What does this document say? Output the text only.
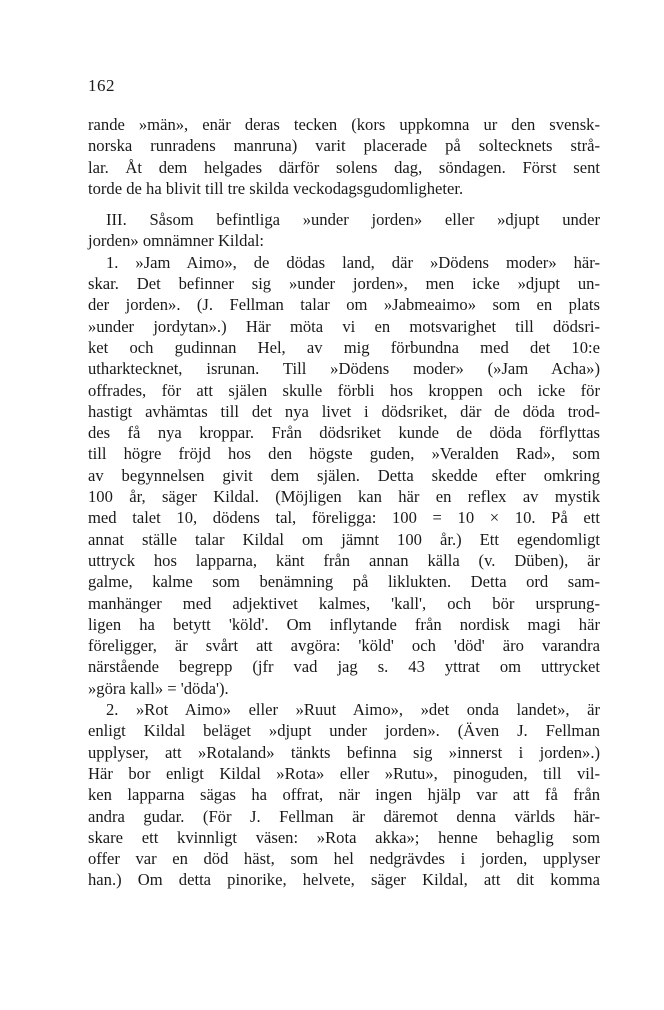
162
rande »män», enär deras tecken (kors uppkomna ur den svensk-
norska runradens manruna) varit placerade på soltecknets strå-
lar. Åt dem helgades därför solens dag, söndagen. Först sent
torde de ha blivit till tre skilda veckodagsgudomligheter.
III. Såsom befintliga »under jorden» eller »djupt under
jorden» omnämner Kildal:
1. »Jam Aimo», de dödas land, där »Dödens moder» här-
skar. Det befinner sig »under jorden», men icke »djupt un-
der jorden». (J. Fellman talar om »Jabmeaimo» som en plats
»under jordytan».) Här möta vi en motsvarighet till dödsri-
ket och gudinnan Hel, av mig förbundna med det 10:e
utharktecknet, isrunan. Till »Dödens moder» (»Jam Acha»)
offrades, för att själen skulle förbli hos kroppen och icke för
hastigt avhämtas till det nya livet i dödsriket, där de döda trod-
des få nya kroppar. Från dödsriket kunde de döda förflyttas
till högre fröjd hos den högste guden, »Veralden Rad», som
av begynnelsen givit dem själen. Detta skedde efter omkring
100 år, säger Kildal. (Möjligen kan här en reflex av mystik
med talet 10, dödens tal, föreligga: 100 = 10 × 10. På ett
annat ställe talar Kildal om jämnt 100 år.) Ett egendomligt
uttryck hos lapparna, känt från annan källa (v. Düben), är
galme, kalme som benämning på liklukten. Detta ord sam-
manhänger med adjektivet kalmes, 'kall', och bör ursprung-
ligen ha betytt 'köld'. Om inflytande från nordisk magi här
föreligger, är svårt att avgöra: 'köld' och 'död' äro varandra
närstående begrepp (jfr vad jag s. 43 yttrat om uttrycket
»göra kall» = 'döda').
2. »Rot Aimo» eller »Ruut Aimo», »det onda landet», är
enligt Kildal beläget »djupt under jorden». (Även J. Fellman
upplyser, att »Rotaland» tänkts befinna sig »innerst i jorden».)
Här bor enligt Kildal »Rota» eller »Rutu», pinoguden, till vil-
ken lapparna sägas ha offrat, när ingen hjälp var att få från
andra gudar. (För J. Fellman är däremot denna världs här-
skare ett kvinnligt väsen: »Rota akka»; henne behaglig som
offer var en död häst, som hel nedgrävdes i jorden, upplyser
han.) Om detta pinorike, helvete, säger Kildal, att dit komma
